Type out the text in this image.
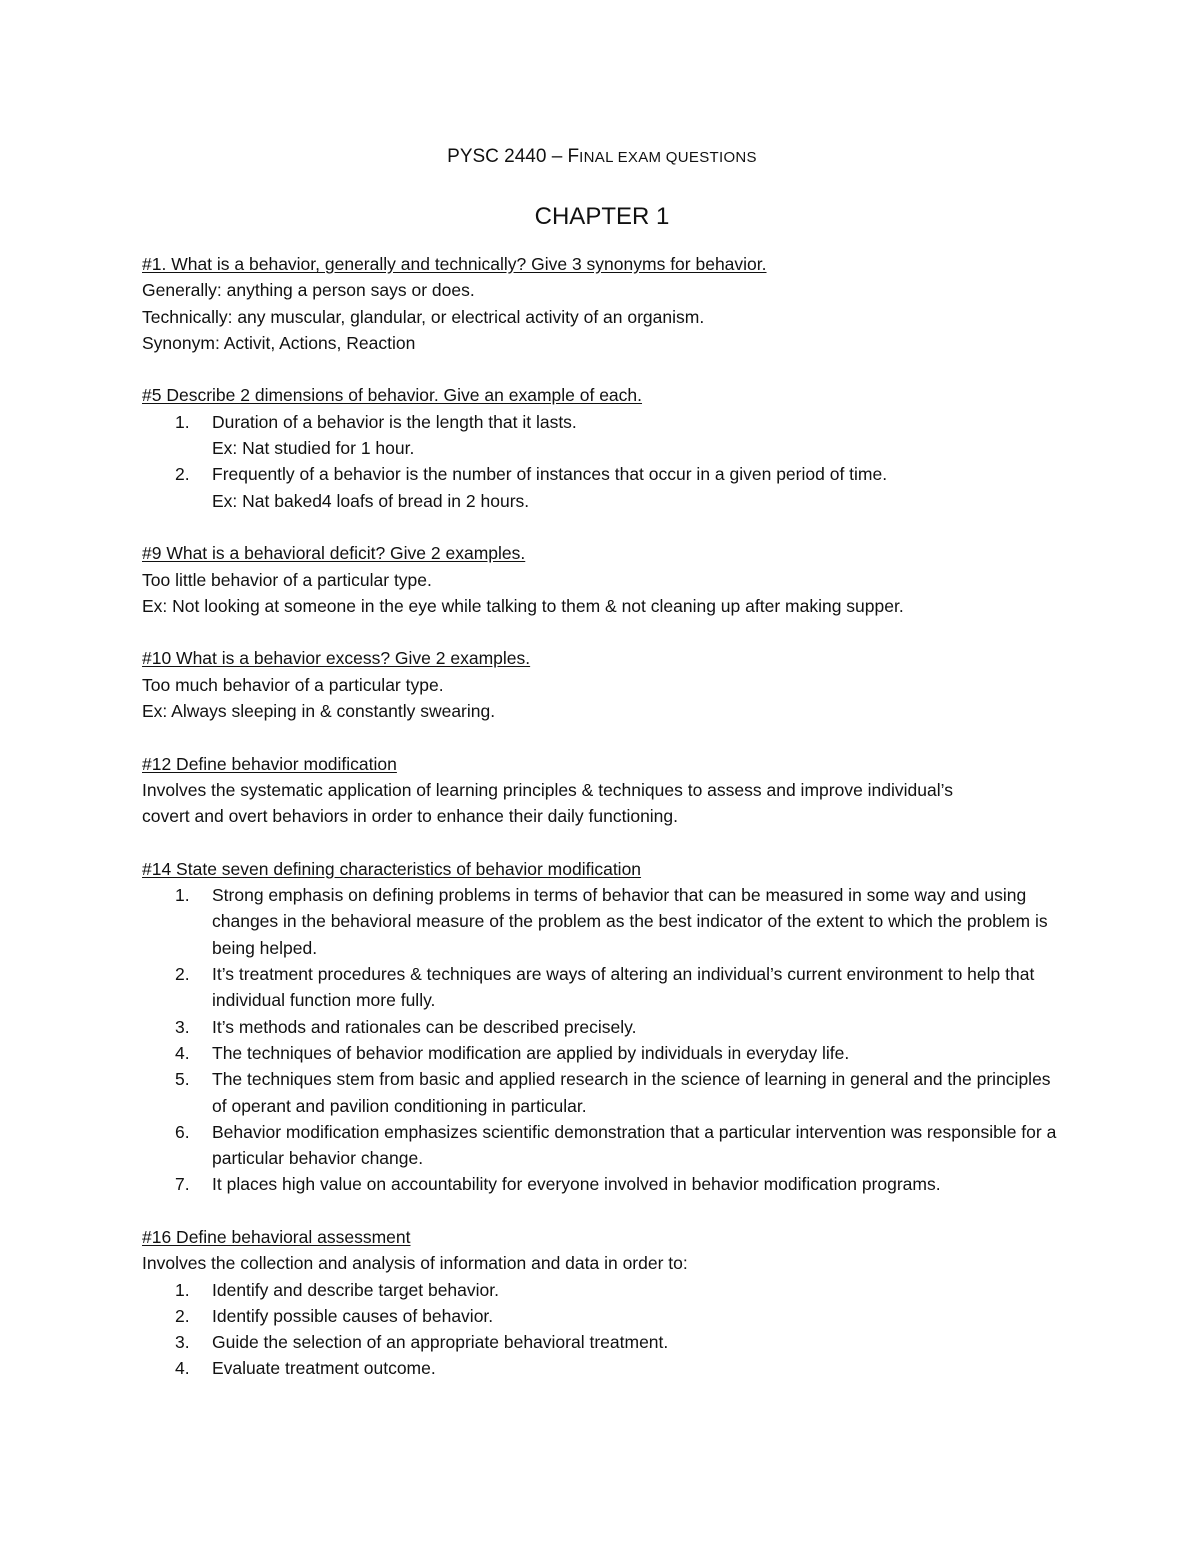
PYSC 2440 – FINAL EXAM QUESTIONS

CHAPTER 1

#1. What is a behavior, generally and technically? Give 3 synonyms for behavior.

Generally: anything a person says or does.

Technically: any muscular, glandular, or electrical activity of an organism.

Synonym: Activit, Actions, Reaction

#5 Describe 2 dimensions of behavior. Give an example of each.

1.	Duration of a behavior is the length that it lasts.
Ex: Nat studied for 1 hour.
2.	Frequently of a behavior is the number of instances that occur in a given period of time.
Ex: Nat baked4 loafs of bread in 2 hours.

#9 What is a behavioral deficit? Give 2 examples.

Too little behavior of a particular type.

Ex: Not looking at someone in the eye while talking to them & not cleaning up after making supper.

#10 What is a behavior excess? Give 2 examples.

Too much behavior of a particular type.

Ex: Always sleeping in & constantly swearing.

#12 Define behavior modification

Involves the systematic application of learning principles & techniques to assess and improve individual’s

covert and overt behaviors in order to enhance their daily functioning.

#14 State seven defining characteristics of behavior modification

1.	Strong emphasis on defining problems in terms of behavior that can be measured in some way and using changes in the behavioral measure of the problem as the best indicator of the extent to which the problem is being helped.
2.	It’s treatment procedures & techniques are ways of altering an individual’s current environment to help that individual function more fully.
3.	It’s methods and rationales can be described precisely.
4.	The techniques of behavior modification are applied by individuals in everyday life.
5.	The techniques stem from basic and applied research in the science of learning in general and the principles of operant and pavilion conditioning in particular.
6.	Behavior modification emphasizes scientific demonstration that a particular intervention was responsible for a particular behavior change.
7.	It places high value on accountability for everyone involved in behavior modification programs.

#16 Define behavioral assessment

Involves the collection and analysis of information and data in order to:

1.	Identify and describe target behavior.
2.	Identify possible causes of behavior.
3.	Guide the selection of an appropriate behavioral treatment.
4.	Evaluate treatment outcome.
